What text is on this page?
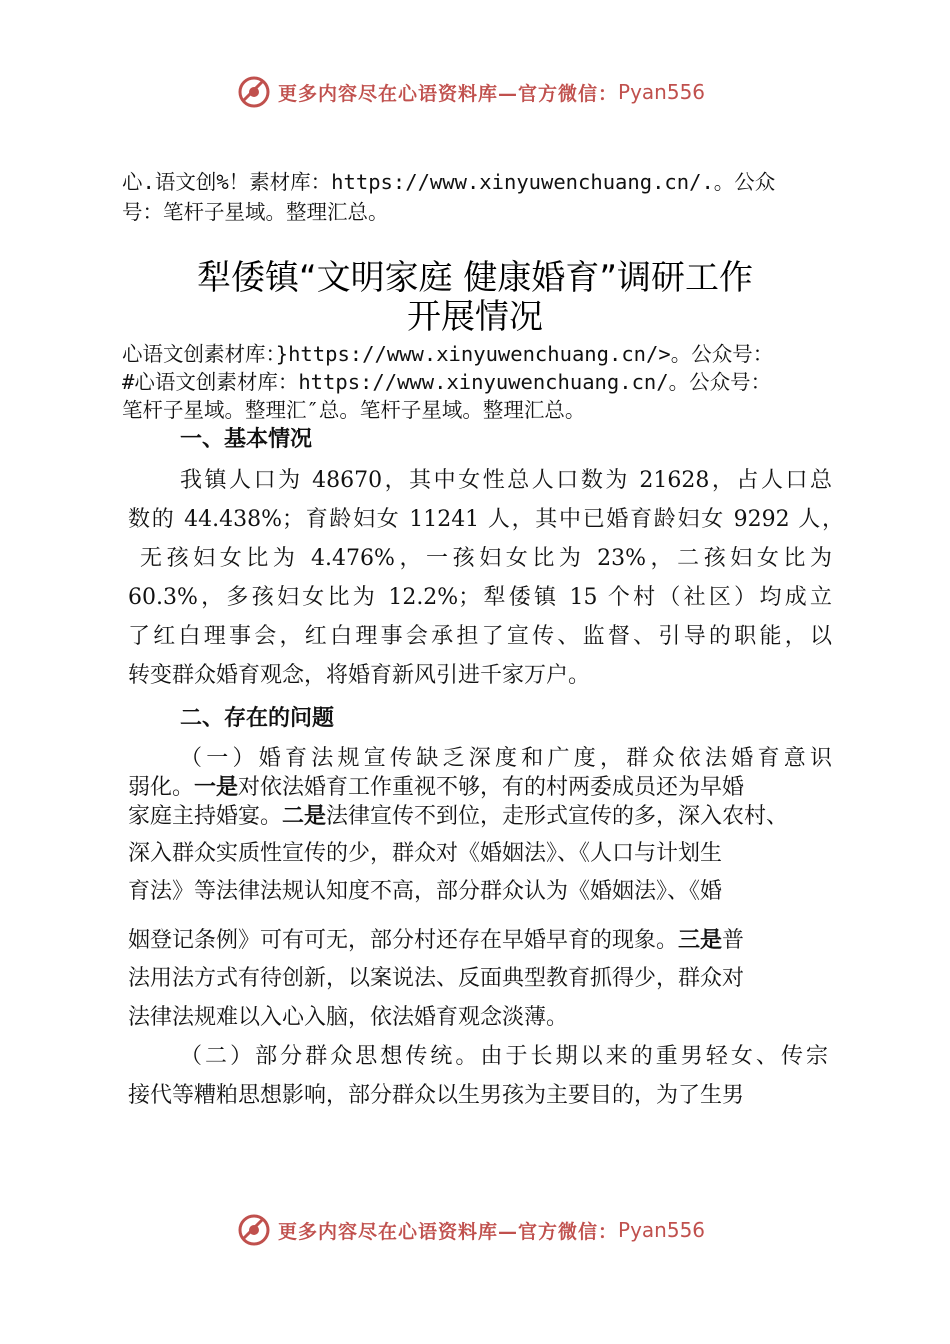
更多内容尽在心语资料库—官方微信： Pyan556
心.语文创%！素材库：https://www.xinyuwenchuang.cn/.。公众
号：笔杆子星域。整理汇总。
犁倭镇“文明家庭 健康婚育”调研工作
开展情况
心语文创素材库：}https://www.xinyuwenchuang.cn/>。公众号：
#心语文创素材库：https://www.xinyuwenchuang.cn/。公众号：
笔杆子星域。整理汇″总。笔杆子星域。整理汇总。
一、基本情况
我镇人口为 48670，其中女性总人口数为 21628，占人口总
数的 44.438%；育龄妇女 11241 人，其中已婚育龄妇女 9292 人，
无孩妇女比为 4.476%，一孩妇女比为 23%，二孩妇女比为
60.3%，多孩妇女比为 12.2%；犁倭镇 15 个村（社区）均成立
了红白理事会，红白理事会承担了宣传、监督、引导的职能，以
转变群众婚育观念，将婚育新风引进千家万户。
二、存在的问题
（一）婚育法规宣传缺乏深度和广度，群众依法婚育意识
弱化。一是对依法婚育工作重视不够，有的村两委成员还为早婚
家庭主持婚宴。二是法律宣传不到位，走形式宣传的多，深入农村、
深入群众实质性宣传的少，群众对《婚姻法》、《人口与计划生
育法》等法律法规认知度不高，部分群众认为《婚姻法》、《婚
姻登记条例》可有可无，部分村还存在早婚早育的现象。三是普
法用法方式有待创新，以案说法、反面典型教育抓得少，群众对
法律法规难以入心入脑，依法婚育观念淡薄。
（二）部分群众思想传统。由于长期以来的重男轻女、传宗
接代等糟粕思想影响，部分群众以生男孩为主要目的，为了生男
更多内容尽在心语资料库—官方微信： Pyan556
